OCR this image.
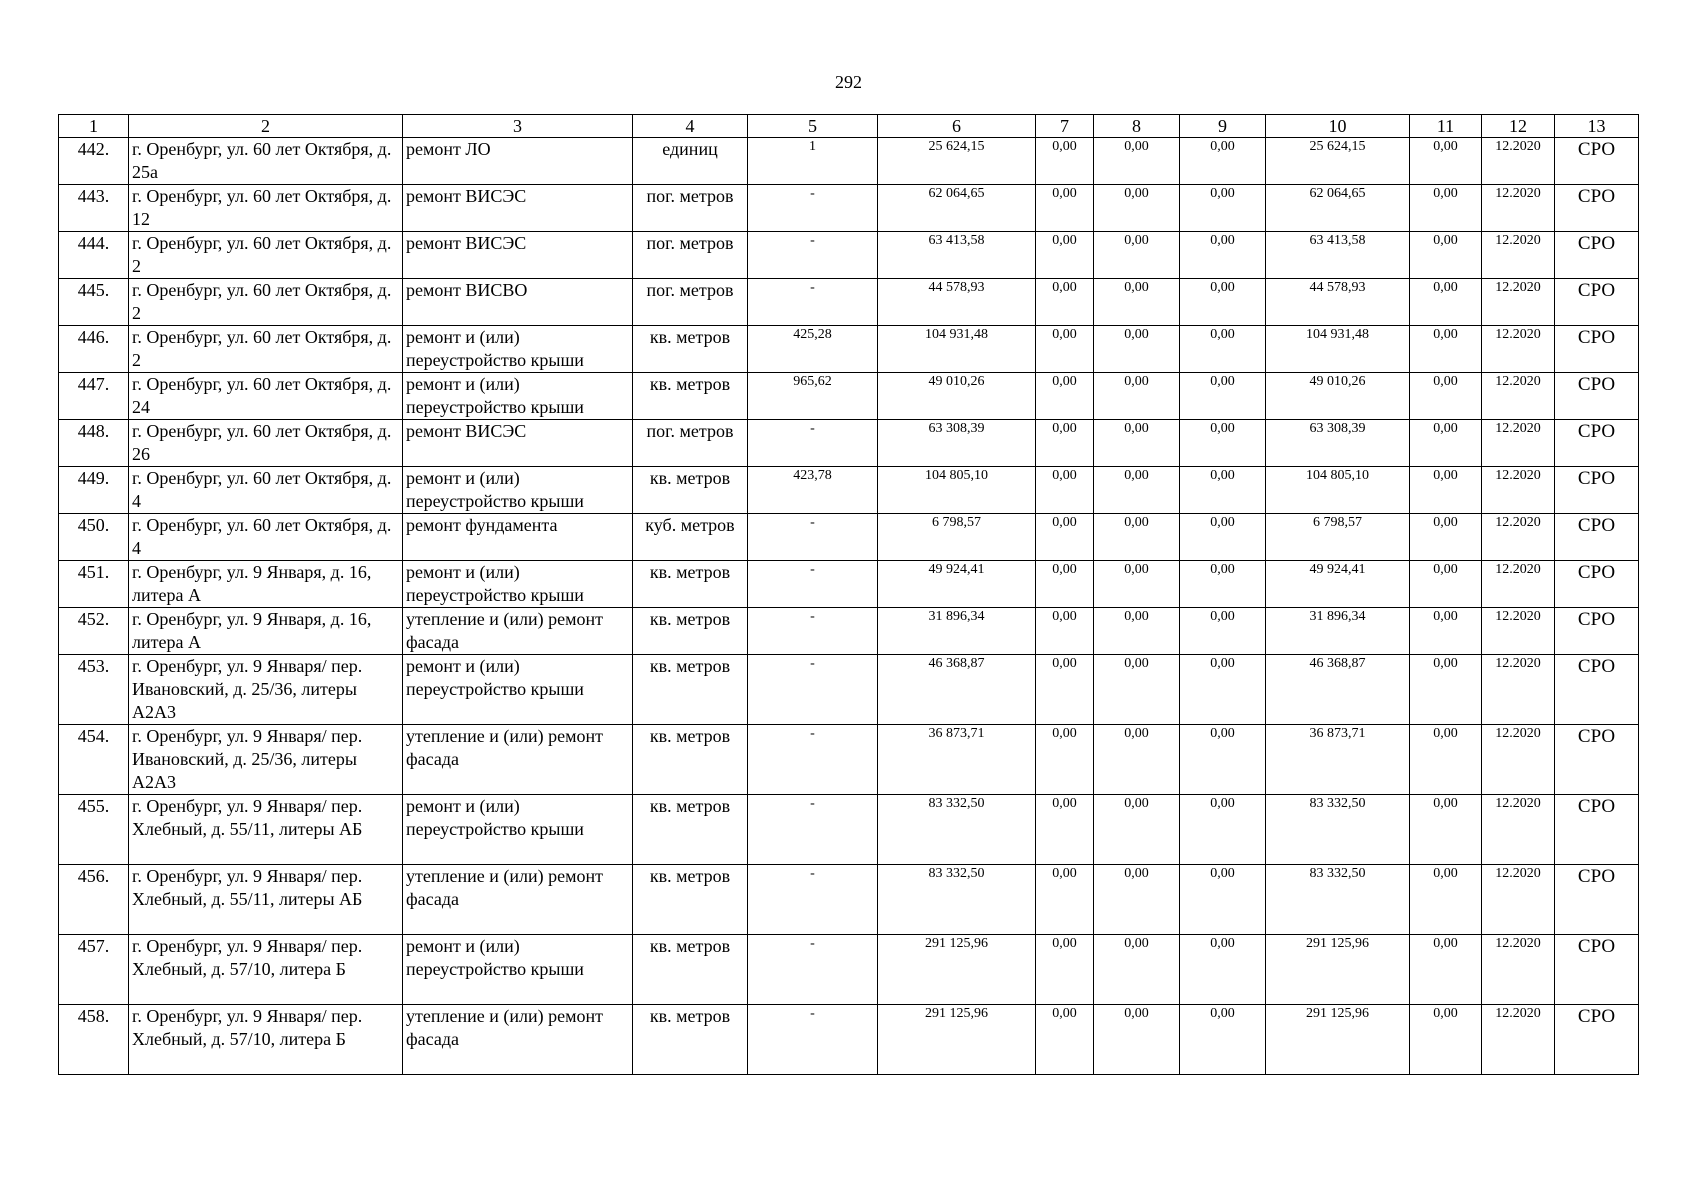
292
1	2	3	4	5	6	7	8	9	10	11	12	13
442.	г. Оренбург, ул. 60 лет Октября, д. 25а	ремонт ЛО	единиц	1	25 624,15	0,00	0,00	0,00	25 624,15	0,00	12.2020	СРО
443.	г. Оренбург, ул. 60 лет Октября, д. 12	ремонт ВИСЭС	пог. метров	-	62 064,65	0,00	0,00	0,00	62 064,65	0,00	12.2020	СРО
444.	г. Оренбург, ул. 60 лет Октября, д. 2	ремонт ВИСЭС	пог. метров	-	63 413,58	0,00	0,00	0,00	63 413,58	0,00	12.2020	СРО
445.	г. Оренбург, ул. 60 лет Октября, д. 2	ремонт ВИСВО	пог. метров	-	44 578,93	0,00	0,00	0,00	44 578,93	0,00	12.2020	СРО
446.	г. Оренбург, ул. 60 лет Октября, д. 2	ремонт и (или) переустройство крыши	кв. метров	425,28	104 931,48	0,00	0,00	0,00	104 931,48	0,00	12.2020	СРО
447.	г. Оренбург, ул. 60 лет Октября, д. 24	ремонт и (или) переустройство крыши	кв. метров	965,62	49 010,26	0,00	0,00	0,00	49 010,26	0,00	12.2020	СРО
448.	г. Оренбург, ул. 60 лет Октября, д. 26	ремонт ВИСЭС	пог. метров	-	63 308,39	0,00	0,00	0,00	63 308,39	0,00	12.2020	СРО
449.	г. Оренбург, ул. 60 лет Октября, д. 4	ремонт и (или) переустройство крыши	кв. метров	423,78	104 805,10	0,00	0,00	0,00	104 805,10	0,00	12.2020	СРО
450.	г. Оренбург, ул. 60 лет Октября, д. 4	ремонт фундамента	куб. метров	-	6 798,57	0,00	0,00	0,00	6 798,57	0,00	12.2020	СРО
451.	г. Оренбург, ул. 9 Января, д. 16, литера А	ремонт и (или) переустройство крыши	кв. метров	-	49 924,41	0,00	0,00	0,00	49 924,41	0,00	12.2020	СРО
452.	г. Оренбург, ул. 9 Января, д. 16, литера А	утепление и (или) ремонт фасада	кв. метров	-	31 896,34	0,00	0,00	0,00	31 896,34	0,00	12.2020	СРО
453.	г. Оренбург, ул. 9 Января/ пер. Ивановский, д. 25/36, литеры А2А3	ремонт и (или) переустройство крыши	кв. метров	-	46 368,87	0,00	0,00	0,00	46 368,87	0,00	12.2020	СРО
454.	г. Оренбург, ул. 9 Января/ пер. Ивановский, д. 25/36, литеры А2А3	утепление и (или) ремонт фасада	кв. метров	-	36 873,71	0,00	0,00	0,00	36 873,71	0,00	12.2020	СРО
455.	г. Оренбург, ул. 9 Января/ пер. Хлебный, д. 55/11, литеры АБ	ремонт и (или) переустройство крыши	кв. метров	-	83 332,50	0,00	0,00	0,00	83 332,50	0,00	12.2020	СРО
456.	г. Оренбург, ул. 9 Января/ пер. Хлебный, д. 55/11, литеры АБ	утепление и (или) ремонт фасада	кв. метров	-	83 332,50	0,00	0,00	0,00	83 332,50	0,00	12.2020	СРО
457.	г. Оренбург, ул. 9 Января/ пер. Хлебный, д. 57/10, литера Б	ремонт и (или) переустройство крыши	кв. метров	-	291 125,96	0,00	0,00	0,00	291 125,96	0,00	12.2020	СРО
458.	г. Оренбург, ул. 9 Января/ пер. Хлебный, д. 57/10, литера Б	утепление и (или) ремонт фасада	кв. метров	-	291 125,96	0,00	0,00	0,00	291 125,96	0,00	12.2020	СРО
